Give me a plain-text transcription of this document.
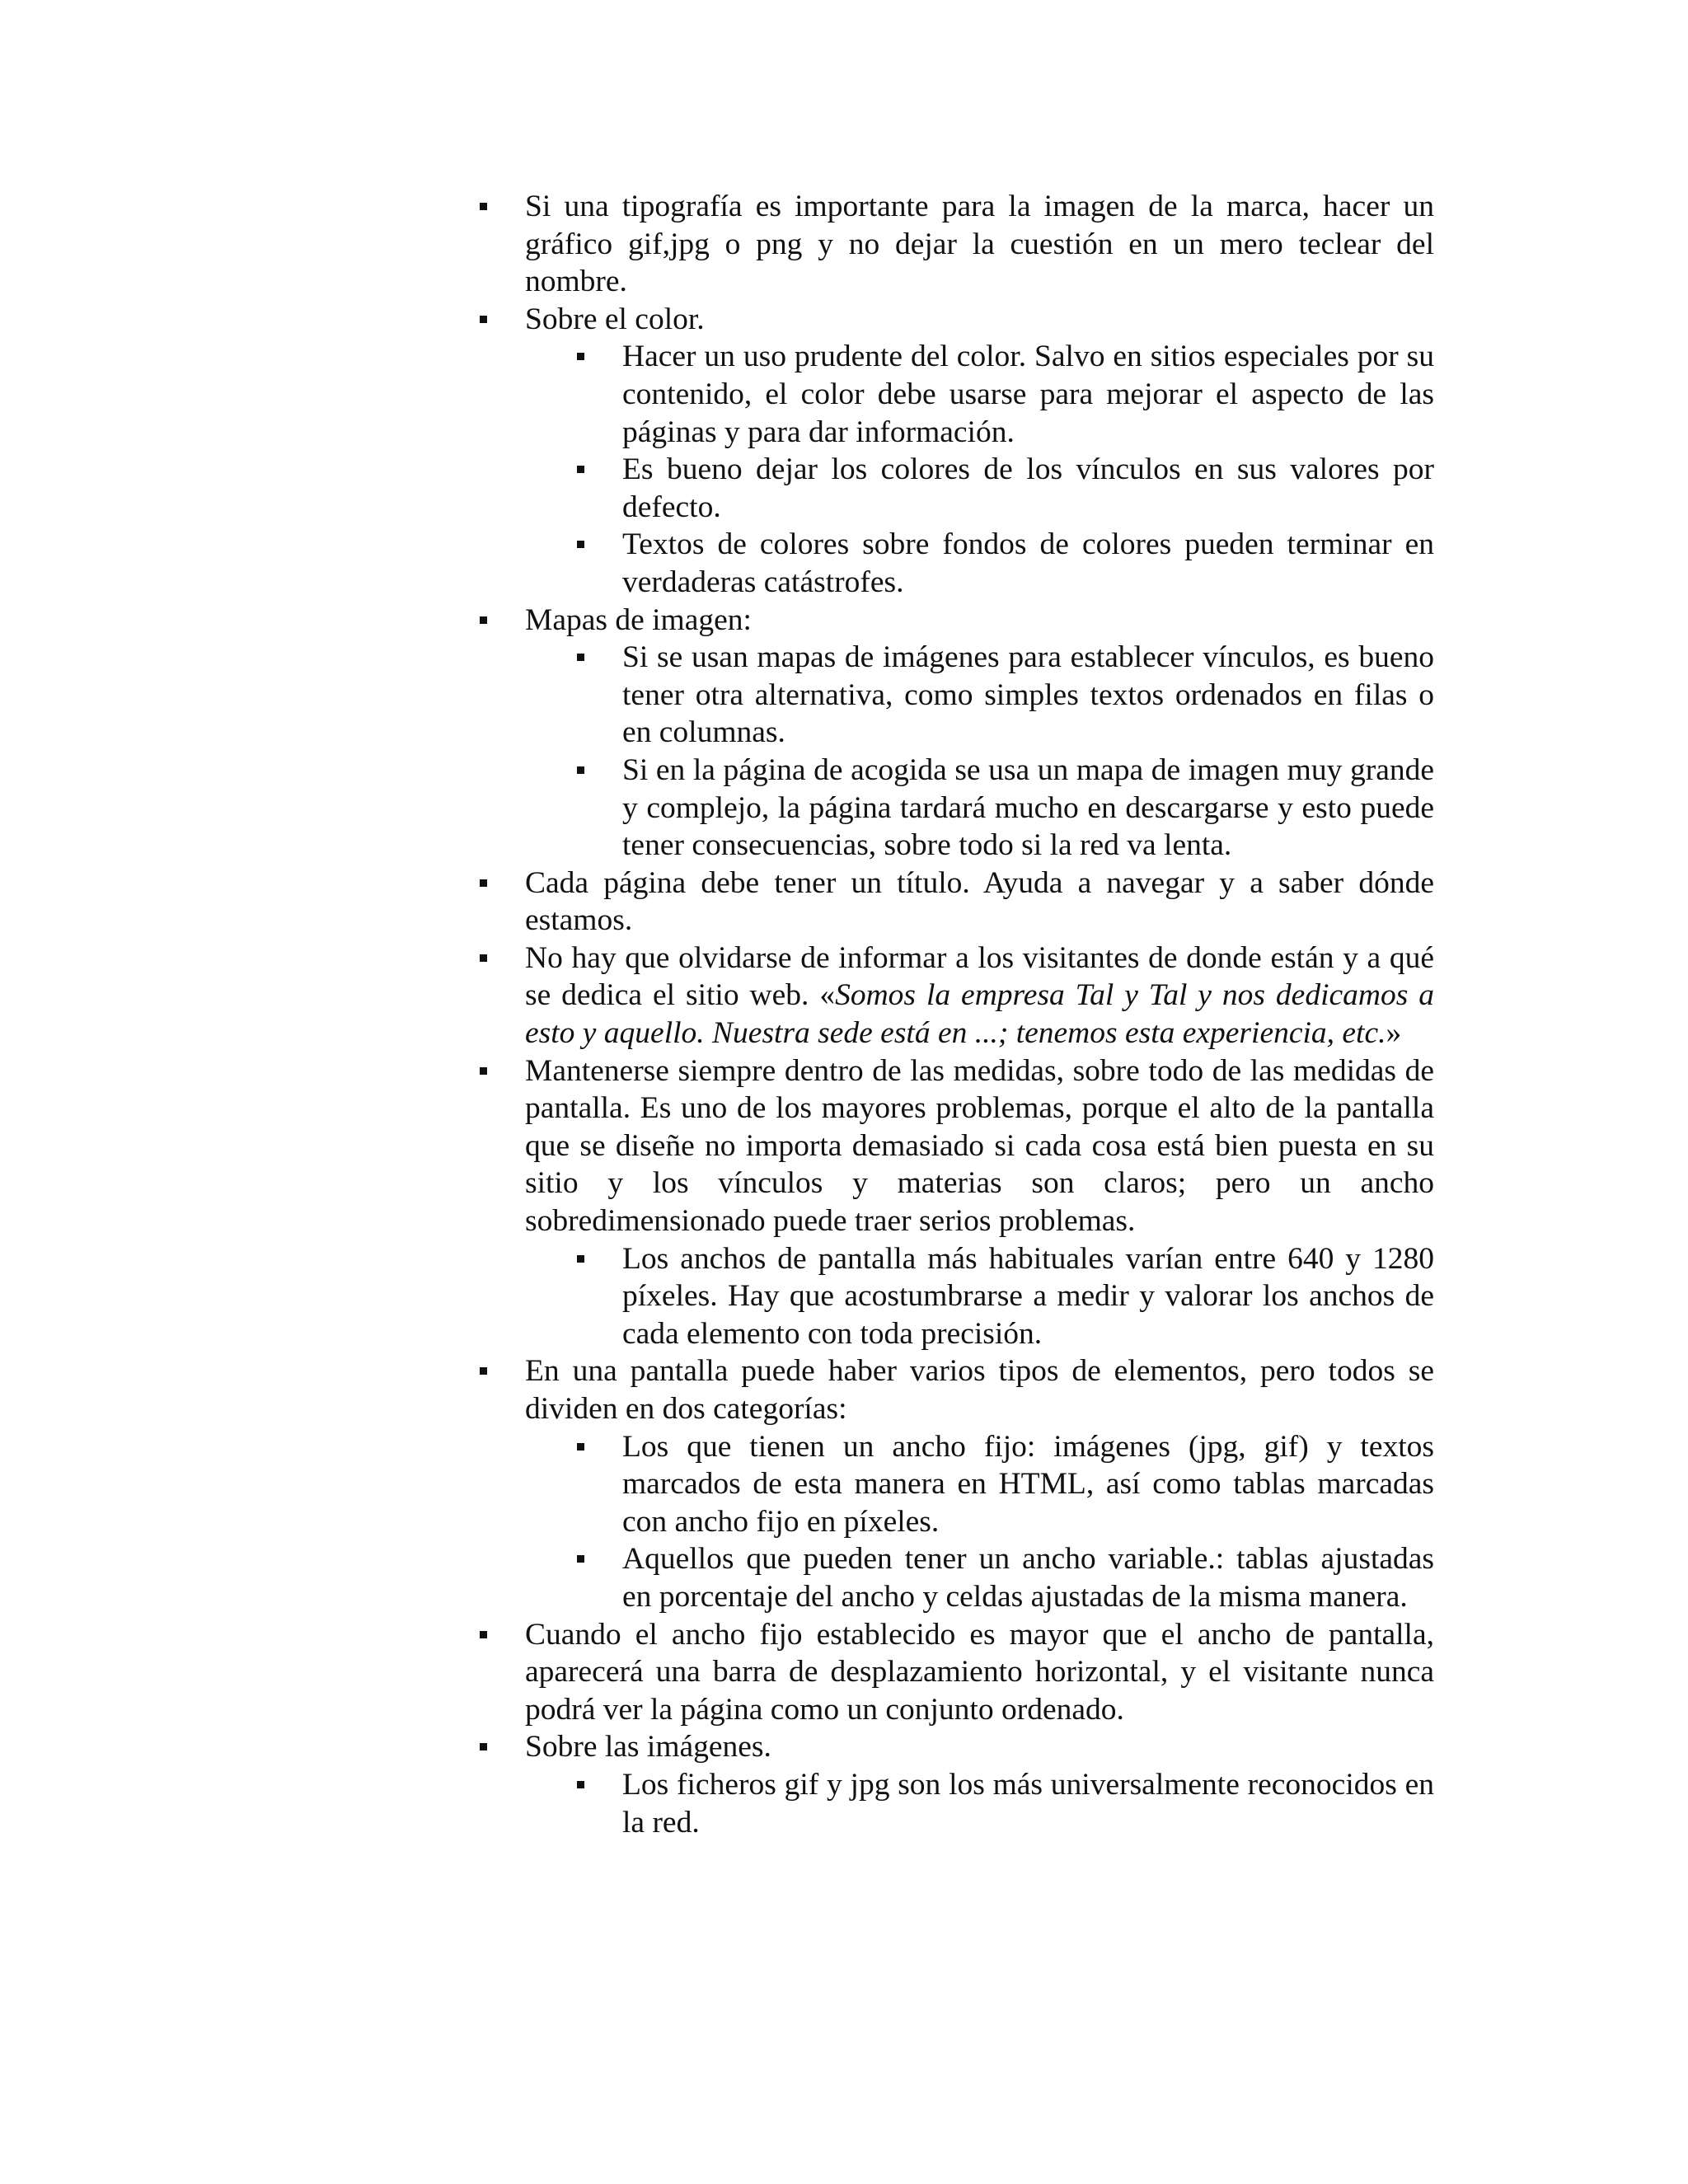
Si una tipografía es importante para la imagen de la marca, hacer un gráfico gif,jpg o png y no dejar la cuestión en un mero teclear del nombre.
Sobre el color.
Hacer un uso prudente del color. Salvo en sitios especiales por su contenido, el color debe usarse para mejorar el aspecto de las páginas y para dar información.
Es bueno dejar los colores de los vínculos en sus valores por defecto.
Textos de colores sobre fondos de colores pueden terminar en verdaderas catástrofes.
Mapas de imagen:
Si se usan mapas de imágenes para establecer vínculos, es bueno tener otra alternativa, como simples textos ordenados en filas o en columnas.
Si en la página de acogida se usa un mapa de imagen muy grande y complejo, la página tardará mucho en descargarse y esto puede tener consecuencias, sobre todo si la red va lenta.
Cada página debe tener un título. Ayuda a navegar y a saber dónde estamos.
No hay que olvidarse de informar a los visitantes de donde están y a qué se dedica el sitio web. «Somos la empresa Tal y Tal y nos dedicamos a esto y aquello. Nuestra sede está en ...; tenemos esta experiencia, etc.»
Mantenerse siempre dentro de las medidas, sobre todo de las medidas de pantalla. Es uno de los mayores problemas, porque el alto de la pantalla que se diseñe no importa demasiado si cada cosa está bien puesta en su sitio y los vínculos y materias son claros; pero un ancho sobredimensionado puede traer serios problemas.
Los anchos de pantalla más habituales varían entre 640 y 1280 píxeles. Hay que acostumbrarse a medir y valorar los anchos de cada elemento con toda precisión.
En una pantalla puede haber varios tipos de elementos, pero todos se dividen en dos categorías:
Los que tienen un ancho fijo: imágenes (jpg, gif) y textos marcados de esta manera en HTML, así como tablas marcadas con ancho fijo en píxeles.
Aquellos que pueden tener un ancho variable.: tablas ajustadas en porcentaje del ancho y celdas ajustadas de la misma manera.
Cuando el ancho fijo establecido es mayor que el ancho de pantalla, aparecerá una barra de desplazamiento horizontal, y el visitante nunca podrá ver la página como un conjunto ordenado.
Sobre las imágenes.
Los ficheros gif y jpg son los más universalmente reconocidos en la red.
